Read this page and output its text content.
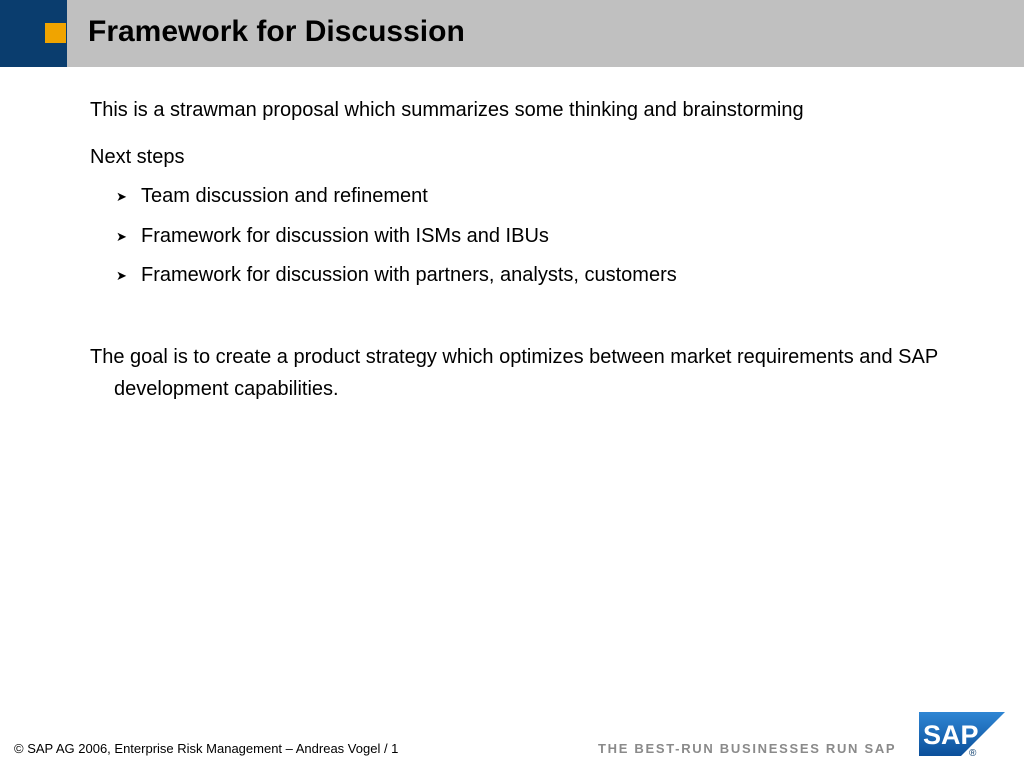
Framework for Discussion

This is a strawman proposal which summarizes some thinking and brainstorming

Next steps

➤ Team discussion and refinement
➤ Framework for discussion with ISMs and IBUs
➤ Framework for discussion with partners, analysts, customers

The goal is to create a product strategy which optimizes between market requirements and SAP development capabilities.

© SAP AG 2006, Enterprise Risk Management – Andreas Vogel / 1	THE BEST-RUN BUSINESSES RUN SAP SAP
®
